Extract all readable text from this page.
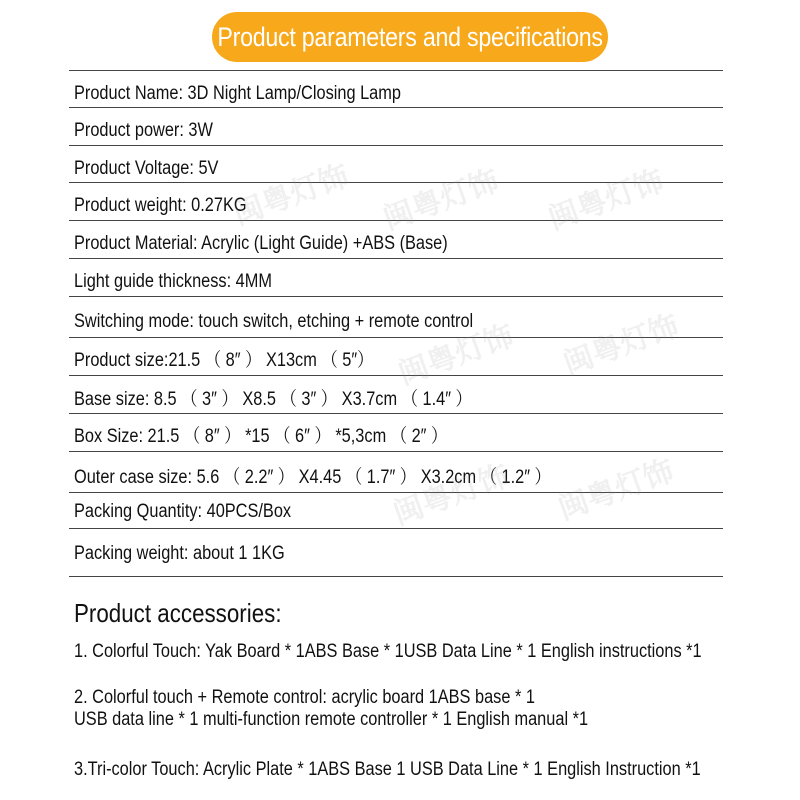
Product parameters and specifications
Product Name: 3D Night Lamp/Closing Lamp
Product power: 3W
Product Voltage: 5V
Product weight: 0.27KG
Product Material: Acrylic (Light Guide) +ABS (Base)
Light guide thickness: 4MM
Switching mode: touch switch, etching + remote control
Product size:21.5 （ 8″ ） X13cm （ 5″）
Base size: 8.5 （ 3″ ） X8.5 （ 3″ ） X3.7cm （ 1.4″ ）
Box Size: 21.5 （ 8″ ） *15 （ 6″ ） *5,3cm （ 2″ ）
Outer case size: 5.6 （ 2.2″ ） X4.45 （ 1.7″ ） X3.2cm （ 1.2″ ）
Packing Quantity: 40PCS/Box
Packing weight: about 1 1KG
Product accessories:
1. Colorful Touch: Yak Board * 1ABS Base * 1USB Data Line * 1 English instructions *1
2. Colorful touch + Remote control: acrylic board 1ABS base * 1
USB data line * 1 multi-function remote controller * 1 English manual *1
3.Tri-color Touch: Acrylic Plate * 1ABS Base 1 USB Data Line * 1 English Instruction *1
闽粤灯饰 闽粤灯饰 闽粤灯饰
闽粤灯饰 闽粤灯饰
闽粤灯饰 闽粤灯饰
